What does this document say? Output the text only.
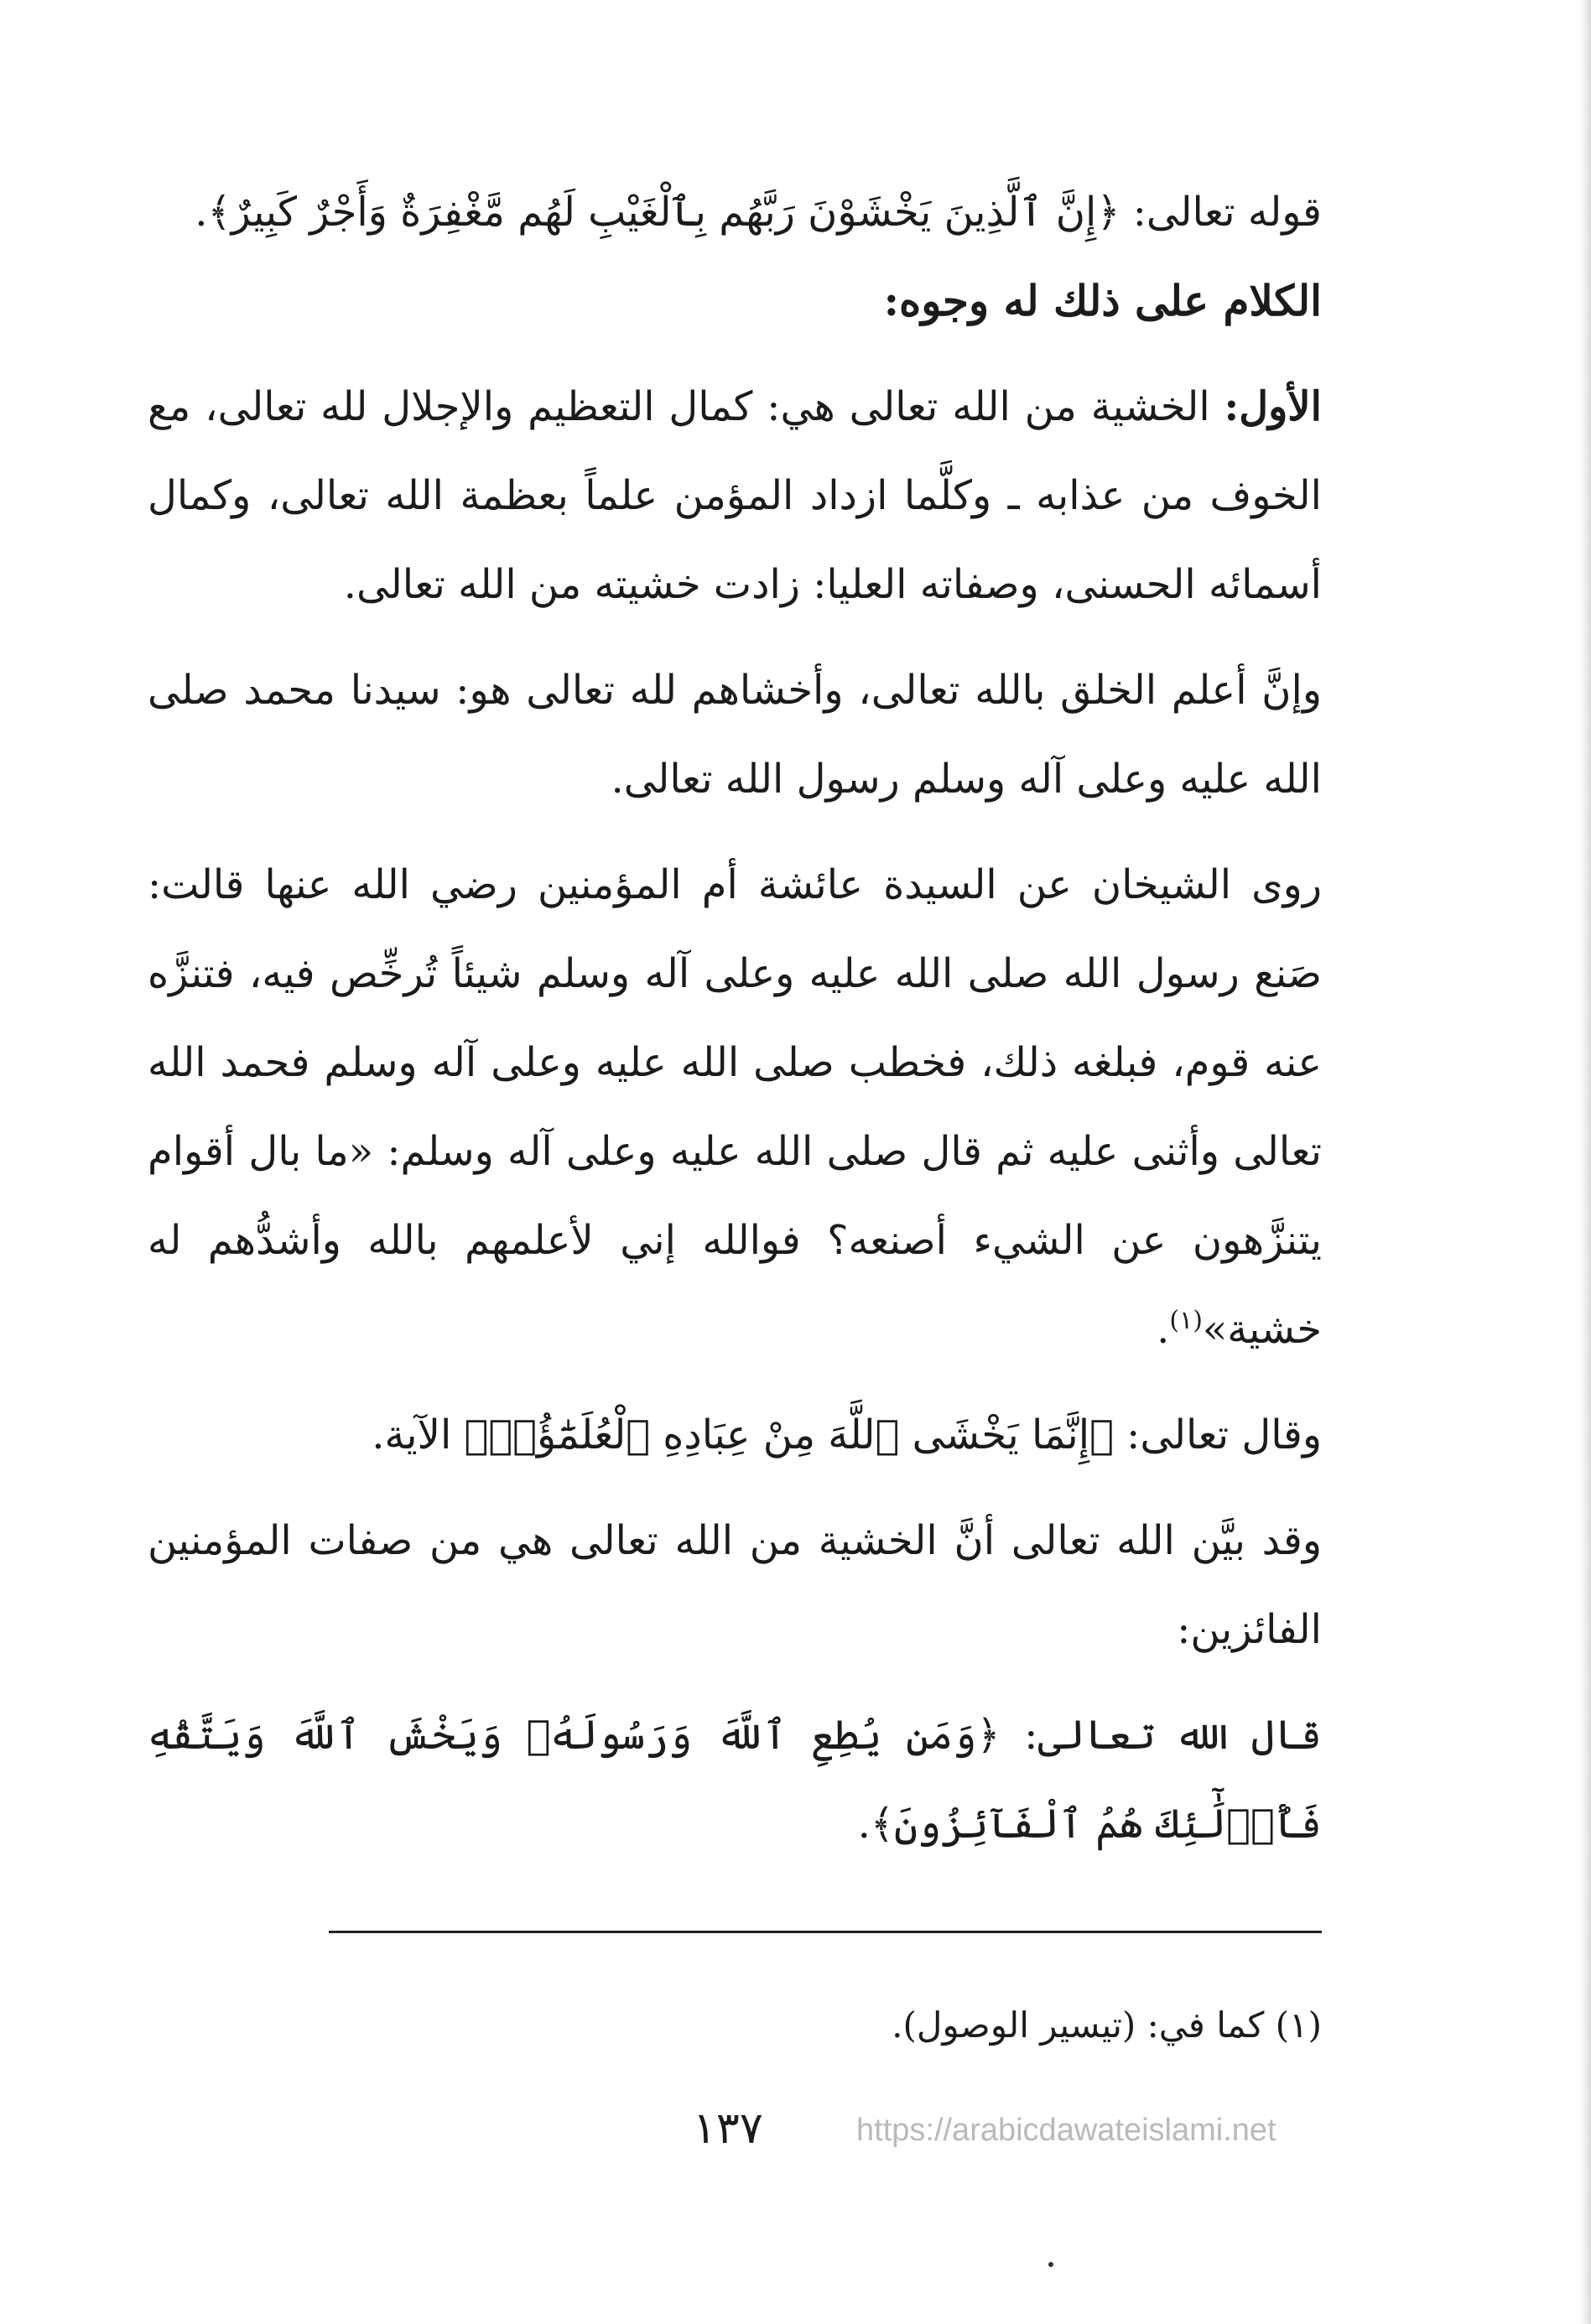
قوله تعالى: ﴿إِنَّ ٱلَّذِينَ يَخْشَوْنَ رَبَّهُم بِٱلْغَيْبِ لَهُم مَّغْفِرَةٌ وَأَجْرٌ كَبِيرٌ﴾.

الكلام على ذلك له وجوه:

الأول: الخشية من الله تعالى هي: كمال التعظيم والإجلال لله تعالى، مع الخوف من عذابه ـ وكلَّما ازداد المؤمن علماً بعظمة الله تعالى، وكمال أسمائه الحسنى، وصفاته العليا: زادت خشيته من الله تعالى.

وإنَّ أعلم الخلق بالله تعالى، وأخشاهم لله تعالى هو: سيدنا محمد صلى الله عليه وعلى آله وسلم رسول الله تعالى.

روى الشيخان عن السيدة عائشة أم المؤمنين رضي الله عنها قالت: صَنع رسول الله صلى الله عليه وعلى آله وسلم شيئاً تُرخِّص فيه، فتنزَّه عنه قوم، فبلغه ذلك، فخطب صلى الله عليه وعلى آله وسلم فحمد الله تعالى وأثنى عليه ثم قال صلى الله عليه وعلى آله وسلم: «ما بال أقوام يتنزَّهون عن الشيء أصنعه؟ فوالله إني لأعلمهم بالله وأشدُّهم له خشية»$^{(١)}$.

وقال تعالى: ﴿إِنَّمَا يَخْشَى ٱللَّهَ مِنْ عِبَادِهِ ٱلْعُلَمَٰٓؤُا۟﴾ الآية.

وقد بيَّن الله تعالى أنَّ الخشية من الله تعالى هي من صفات المؤمنين الفائزين:

قال الله تعالى: ﴿وَمَن يُطِعِ ٱللَّهَ وَرَسُولَهُۥ وَيَخْشَ ٱللَّهَ وَيَتَّقْهِ فَأُو۟لَٰٓئِكَ هُمُ ٱلْفَآئِزُونَ﴾.

(١) كما في: (تيسير الوصول).

١٣٧	https://arabicdawateislami.net
